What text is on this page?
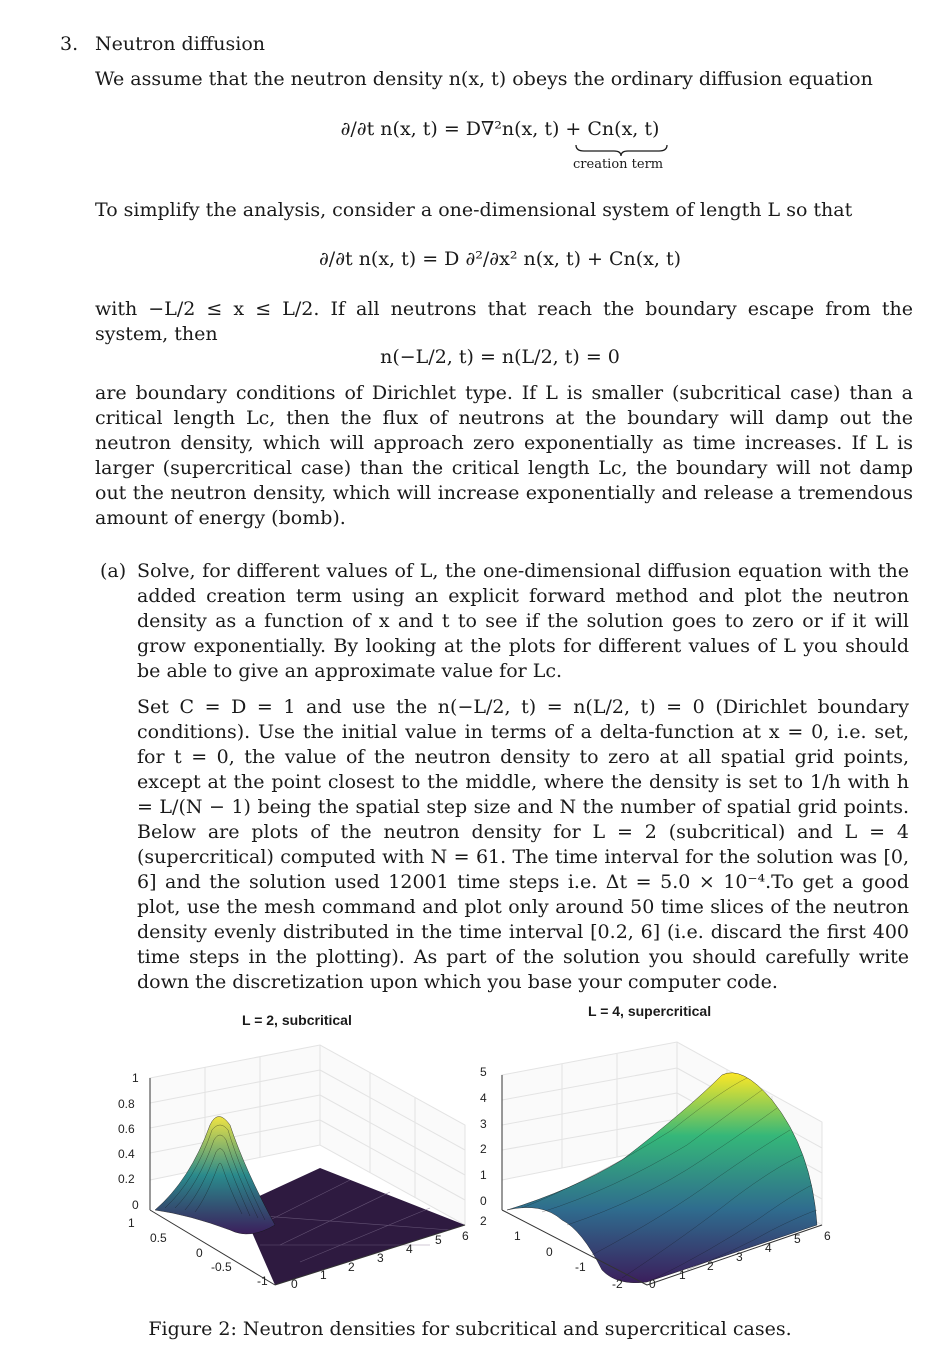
3. Neutron diffusion
We assume that the neutron density n(x, t) obeys the ordinary diffusion equation
∂/∂t n(x, t) = D∇²n(x, t) + Cn(x, t)
creation term
To simplify the analysis, consider a one-dimensional system of length L so that
∂/∂t n(x, t) = D ∂²/∂x² n(x, t) + Cn(x, t)
with −L/2 ≤ x ≤ L/2. If all neutrons that reach the boundary escape from the system, then
n(−L/2, t) = n(L/2, t) = 0
are boundary conditions of Dirichlet type. If L is smaller (subcritical case) than a critical length Lc, then the flux of neutrons at the boundary will damp out the neutron density, which will approach zero exponentially as time increases. If L is larger (supercritical case) than the critical length Lc, the boundary will not damp out the neutron density, which will increase exponentially and release a tremendous amount of energy (bomb).
(a) Solve, for different values of L, the one-dimensional diffusion equation with the added creation term using an explicit forward method and plot the neutron density as a function of x and t to see if the solution goes to zero or if it will grow exponentially. By looking at the plots for different values of L you should be able to give an approximate value for Lc.
Set C = D = 1 and use the n(−L/2, t) = n(L/2, t) = 0 (Dirichlet boundary conditions). Use the initial value in terms of a delta-function at x = 0, i.e. set, for t = 0, the value of the neutron density to zero at all spatial grid points, except at the point closest to the middle, where the density is set to 1/h with h = L/(N − 1) being the spatial step size and N the number of spatial grid points. Below are plots of the neutron density for L = 2 (subcritical) and L = 4 (supercritical) computed with N = 61. The time interval for the solution was [0, 6] and the solution used 12001 time steps i.e. Δt = 5.0 × 10⁻⁴.To get a good plot, use the mesh command and plot only around 50 time slices of the neutron density evenly distributed in the time interval [0.2, 6] (i.e. discard the first 400 time steps in the plotting). As part of the solution you should carefully write down the discretization upon which you base your computer code.
L = 2, subcritical
0
0.2
0.4
0.6
0.8
1
1
0.5
0
-0.5
-1 0
1
2
3
4
5 6
L = 4, supercritical
0
1
2
3
4
5
2
1
0
-1
-2 0
1
2
3
4
5 6
Figure 2: Neutron densities for subcritical and supercritical cases.
